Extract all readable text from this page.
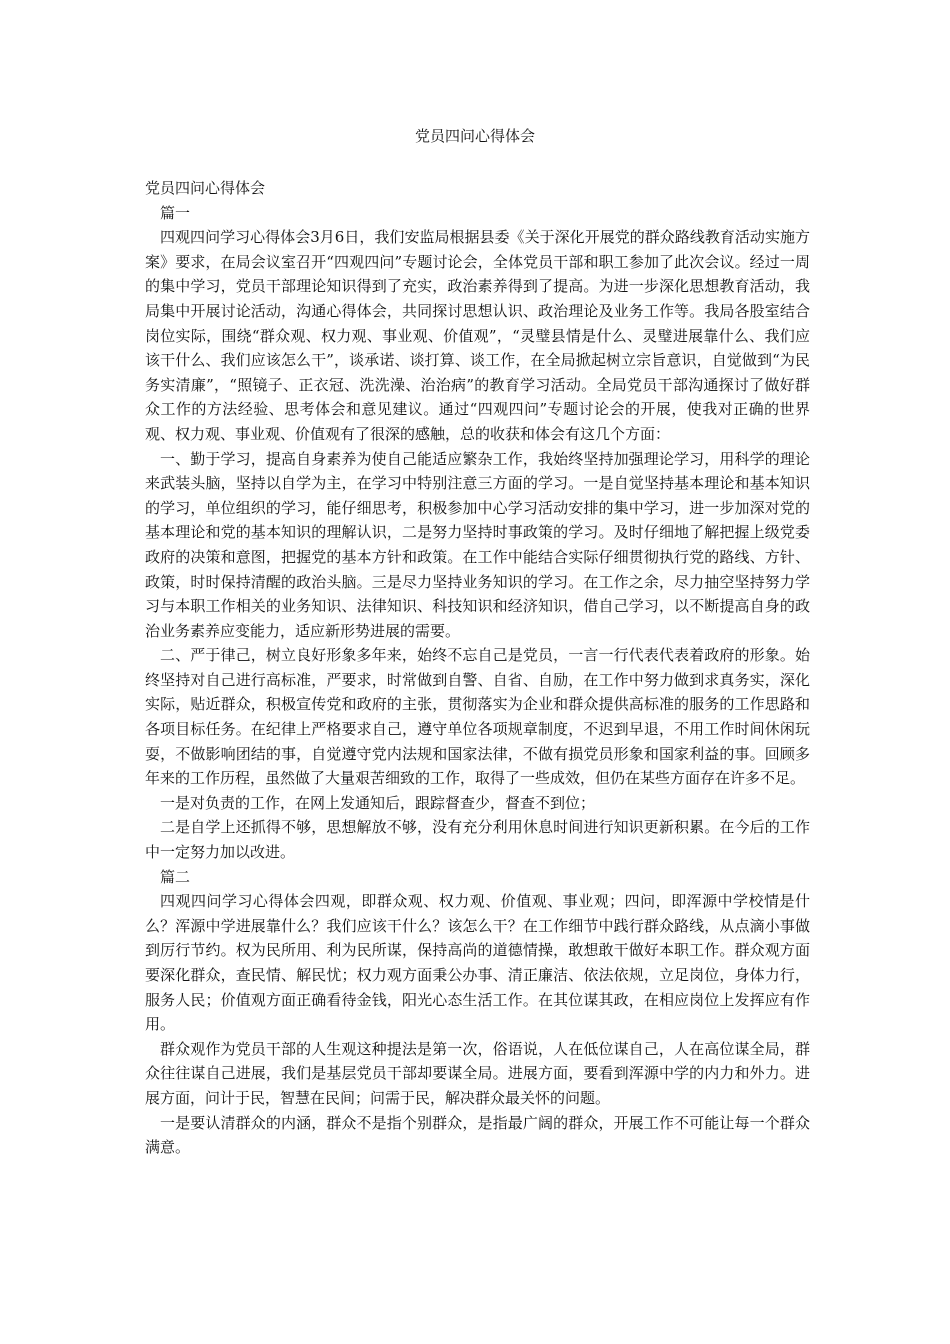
党员四问心得体会

党员四问心得体会

篇一

四观四问学习心得体会3月6日，我们安监局根据县委《关于深化开展党的群众路线教育活动实施方案》要求，在局会议室召开“四观四问”专题讨论会，全体党员干部和职工参加了此次会议。经过一周的集中学习，党员干部理论知识得到了充实，政治素养得到了提高。为进一步深化思想教育活动，我局集中开展讨论活动，沟通心得体会，共同探讨思想认识、政治理论及业务工作等。我局各股室结合岗位实际，围绕“群众观、权力观、事业观、价值观”，“灵璧县情是什么、灵璧进展靠什么、我们应该干什么、我们应该怎么干”，谈承诺、谈打算、谈工作，在全局掀起树立宗旨意识，自觉做到“为民务实清廉”，“照镜子、正衣冠、洗洗澡、治治病”的教育学习活动。全局党员干部沟通探讨了做好群众工作的方法经验、思考体会和意见建议。通过“四观四问”专题讨论会的开展，使我对正确的世界观、权力观、事业观、价值观有了很深的感触，总的收获和体会有这几个方面：

一、勤于学习，提高自身素养为使自己能适应繁杂工作，我始终坚持加强理论学习，用科学的理论来武装头脑，坚持以自学为主，在学习中特别注意三方面的学习。一是自觉坚持基本理论和基本知识的学习，单位组织的学习，能仔细思考，积极参加中心学习活动安排的集中学习，进一步加深对党的基本理论和党的基本知识的理解认识，二是努力坚持时事政策的学习。及时仔细地了解把握上级党委政府的决策和意图，把握党的基本方针和政策。在工作中能结合实际仔细贯彻执行党的路线、方针、政策，时时保持清醒的政治头脑。三是尽力坚持业务知识的学习。在工作之余，尽力抽空坚持努力学习与本职工作相关的业务知识、法律知识、科技知识和经济知识，借自己学习，以不断提高自身的政治业务素养应变能力，适应新形势进展的需要。

二、严于律己，树立良好形象多年来，始终不忘自己是党员，一言一行代表代表着政府的形象。始终坚持对自己进行高标准，严要求，时常做到自警、自省、自励，在工作中努力做到求真务实，深化实际，贴近群众，积极宣传党和政府的主张，贯彻落实为企业和群众提供高标准的服务的工作思路和各项目标任务。在纪律上严格要求自己，遵守单位各项规章制度，不迟到早退，不用工作时间休闲玩耍，不做影响团结的事，自觉遵守党内法规和国家法律，不做有损党员形象和国家利益的事。回顾多年来的工作历程，虽然做了大量艰苦细致的工作，取得了一些成效，但仍在某些方面存在许多不足。

一是对负责的工作，在网上发通知后，跟踪督查少，督查不到位；

二是自学上还抓得不够，思想解放不够，没有充分利用休息时间进行知识更新积累。在今后的工作中一定努力加以改进。

篇二

四观四问学习心得体会四观，即群众观、权力观、价值观、事业观；四问，即浑源中学校情是什么？浑源中学进展靠什么？我们应该干什么？该怎么干？在工作细节中践行群众路线，从点滴小事做到厉行节约。权为民所用、利为民所谋，保持高尚的道德情操，敢想敢干做好本职工作。群众观方面要深化群众，查民情、解民忧；权力观方面秉公办事、清正廉洁、依法依规，立足岗位，身体力行，服务人民；价值观方面正确看待金钱，阳光心态生活工作。在其位谋其政，在相应岗位上发挥应有作用。

群众观作为党员干部的人生观这种提法是第一次，俗语说，人在低位谋自己，人在高位谋全局，群众往往谋自己进展，我们是基层党员干部却要谋全局。进展方面，要看到浑源中学的内力和外力。进展方面，问计于民，智慧在民间；问需于民，解决群众最关怀的问题。

一是要认清群众的内涵，群众不是指个别群众，是指最广阔的群众，开展工作不可能让每一个群众满意。
